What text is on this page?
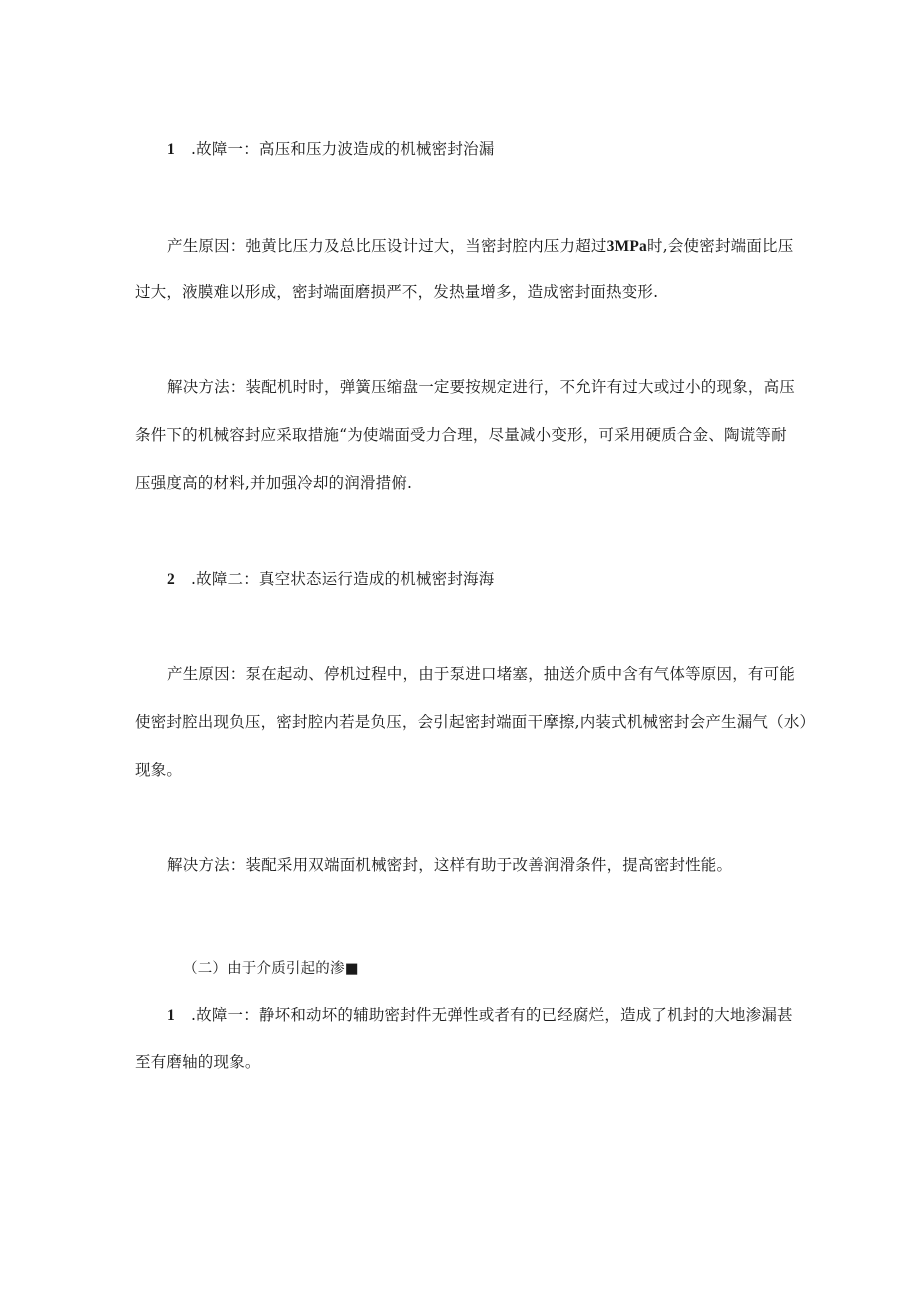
1 .故障一：高压和压力波造成的机械密封治漏
产生原因：弛黄比压力及总比压设计过大，当密封腔内压力超过3MPa时,会使密封端面比压
过大，液膜难以形成，密封端面磨损严不，发热量增多，造成密封面热变形.
解决方法：装配机时时，弹簧压缩盘一定要按规定进行，不允许有过大或过小的现象，高压
条件下的机械容封应采取措施“为使端面受力合理，尽量减小变形，可采用硬质合金、陶谎等耐
压强度高的材料,并加强冷却的润滑措俯.
2 .故障二：真空状态运行造成的机械密封海海
产生原因：泵在起动、停机过程中，由于泵进口堵塞，抽送介质中含有气体等原因，有可能
使密封腔出现负压，密封腔内若是负压，会引起密封端面干摩擦,内装式机械密封会产生漏气（水）
现象。
解决方法：装配采用双端面机械密封，这样有助于改善润滑条件，提高密封性能。
（二）由于介质引起的渗■
1 .故障一：静坏和动坏的辅助密封件无弹性或者有的已经腐烂，造成了机封的大地渗漏甚
至有磨轴的现象。
